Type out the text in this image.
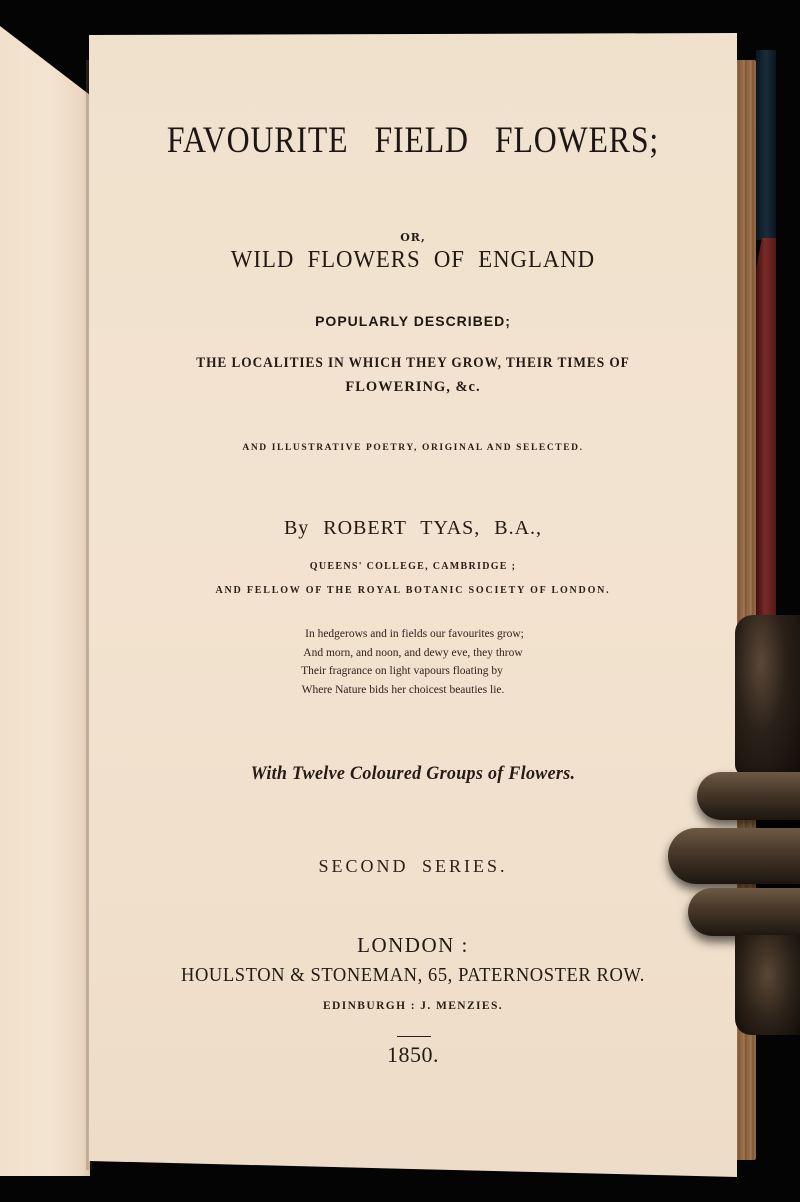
FAVOURITE FIELD FLOWERS;
OR,
WILD FLOWERS OF ENGLAND
POPULARLY DESCRIBED;
THE LOCALITIES IN WHICH THEY GROW, THEIR TIMES OF
FLOWERING, &c.
AND ILLUSTRATIVE POETRY, ORIGINAL AND SELECTED.
By ROBERT TYAS, B.A.,
QUEENS' COLLEGE, CAMBRIDGE ;
AND FELLOW OF THE ROYAL BOTANIC SOCIETY OF LONDON.
In hedgerows and in fields our favourites grow;
And morn, and noon, and dewy eve, they throw
Their fragrance on light vapours floating by
Where Nature bids her choicest beauties lie.
With Twelve Coloured Groups of Flowers.
SECOND SERIES.
LONDON :
HOULSTON & STONEMAN, 65, PATERNOSTER ROW.
EDINBURGH : J. MENZIES.
1850.
